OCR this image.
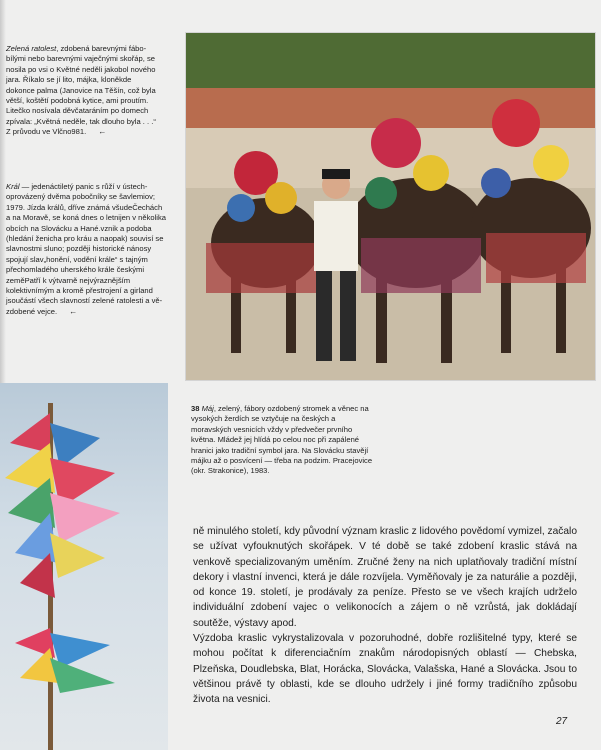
Zelená ratolest, zdobená barevnými fábobílými nebo barevnými vaječnými skořáp, se nosila po vsi o Květné neděli jakobol nového jara. Říkalo se jí lito, májka, kloněkde dokonce palma (Janovice na Těšín, což byla větší, koštětí podobná kytice, ami proutím. Litečko nosívala děvčataráním po domech zpívala: „Květná neděle, tak dlouho byla . . .“ Z průvodu ve Vlčno981. ←
Král — jedenáctiletý panic s růží v ústechoprovázený dvěma pobočníky se šavlemiov; 1979. Jízda králů, dříve známá všudeČechách a na Moravě, se koná dnes o letnijen v několika obcích na Slovácku a Hané.vznik a podoba (hledání ženicha pro kráu a naopak) souvisí se slavnostmi sluno; později historické nánosy spojují slav„honění, vodění krále“ s tajným přechomladého uherského krále českými zeměPatří k výtvarně nejvýraznějším kolektivnímým a kromě přestrojení a girland jsoučástí všech slavností zelené ratolesti a vězdobené vejce. ←
38 Máj, zelený, fábory ozdobený stromek a věnec na vysokých žerdích se vztyčuje na českých a moravských vesnicích vždy v předvečer prvního května. Mládež jej hlídá po celou noc při zapálené hranici jako tradiční symbol jara. Na Slovácku stavějí májku až o posvícení — třeba na podzim. Pracejovice (okr. Strakonice), 1983.

ně minulého století, kdy původní význam kraslic z lidového povědomí vymizel, začalo se užívat vyfouknutých skořápek. V té době se také zdobení kraslic stává na venkově specializovaným uměním. Zručné ženy na nich uplatňovaly tradiční místní dekory i vlastní invenci, která je dále rozvíjela. Vyměňovaly je za naturálie a později, od konce 19. století, je prodávaly za peníze. Přesto se ve všech krajích udrželo individuální zdobení vajec o velikonocích a zájem o ně vzrůstá, jak dokládají soutěže, výstavy apod.

Výzdoba kraslic vykrystalizovala v pozoruhodné, dobře rozlišitelné typy, které se mohou počítat k diferenciačním znakům národopisných oblastí — Chebska, Plzeňska, Doudlebska, Blat, Horácka, Slovácka, Valašska, Hané a Slovácka. Jsou to většinou právě ty oblasti, kde se dlouho udržely i jiné formy tradičního způsobu života na vesnici.

27
